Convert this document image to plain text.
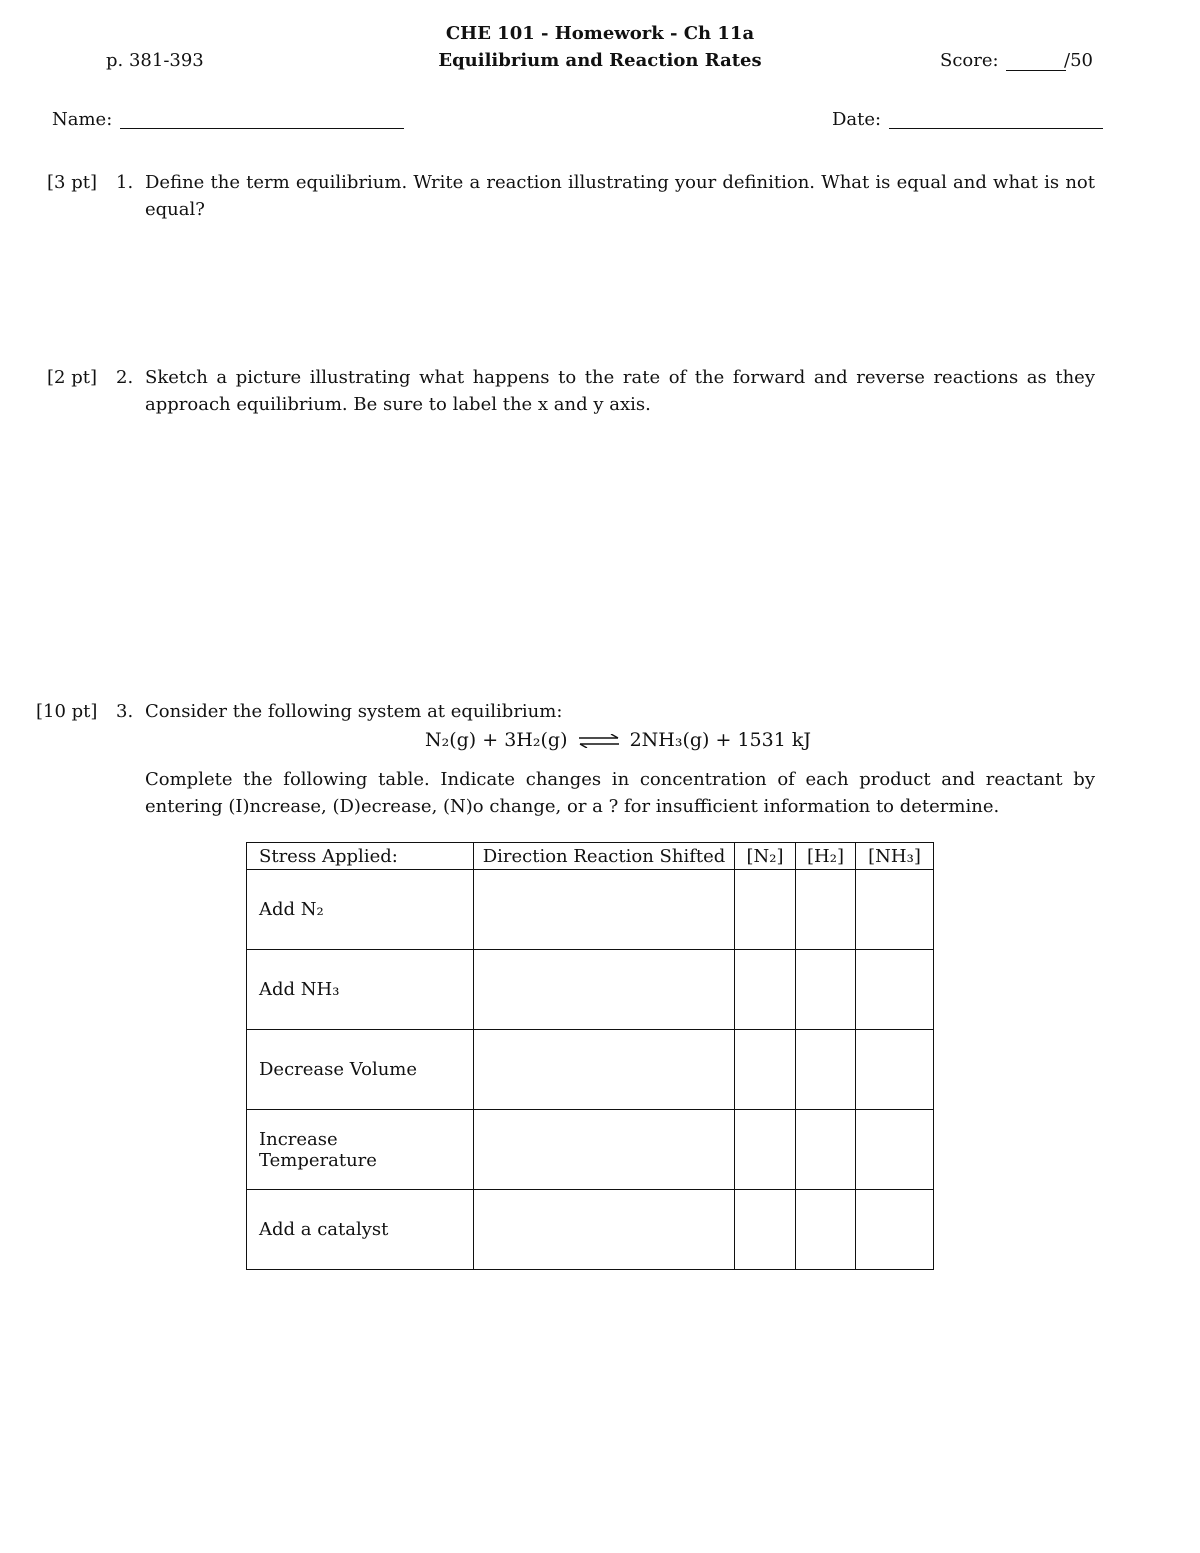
CHE 101 - Homework - Ch 11a
Equilibrium and Reaction Rates
p. 381-393	Score:	/50
Name:	Date:
[3 pt] 1. Define the term equilibrium. Write a reaction illustrating your definition. What is equal and what is not equal?
[2 pt] 2. Sketch a picture illustrating what happens to the rate of the forward and reverse reactions as they approach equilibrium. Be sure to label the x and y axis.
[10 pt] 3. Consider the following system at equilibrium:
N₂(g) + 3H₂(g) ⇌ 2NH₃(g) + 1531 kJ
Complete the following table. Indicate changes in concentration of each product and reactant by entering (I)ncrease, (D)ecrease, (N)o change, or a ? for insufficient information to determine.
Stress Applied:	Direction Reaction Shifted	[N₂]	[H₂]	[NH₃]
Add N₂				
Add NH₃				
Decrease Volume				
Increase Temperature				
Add a catalyst				
